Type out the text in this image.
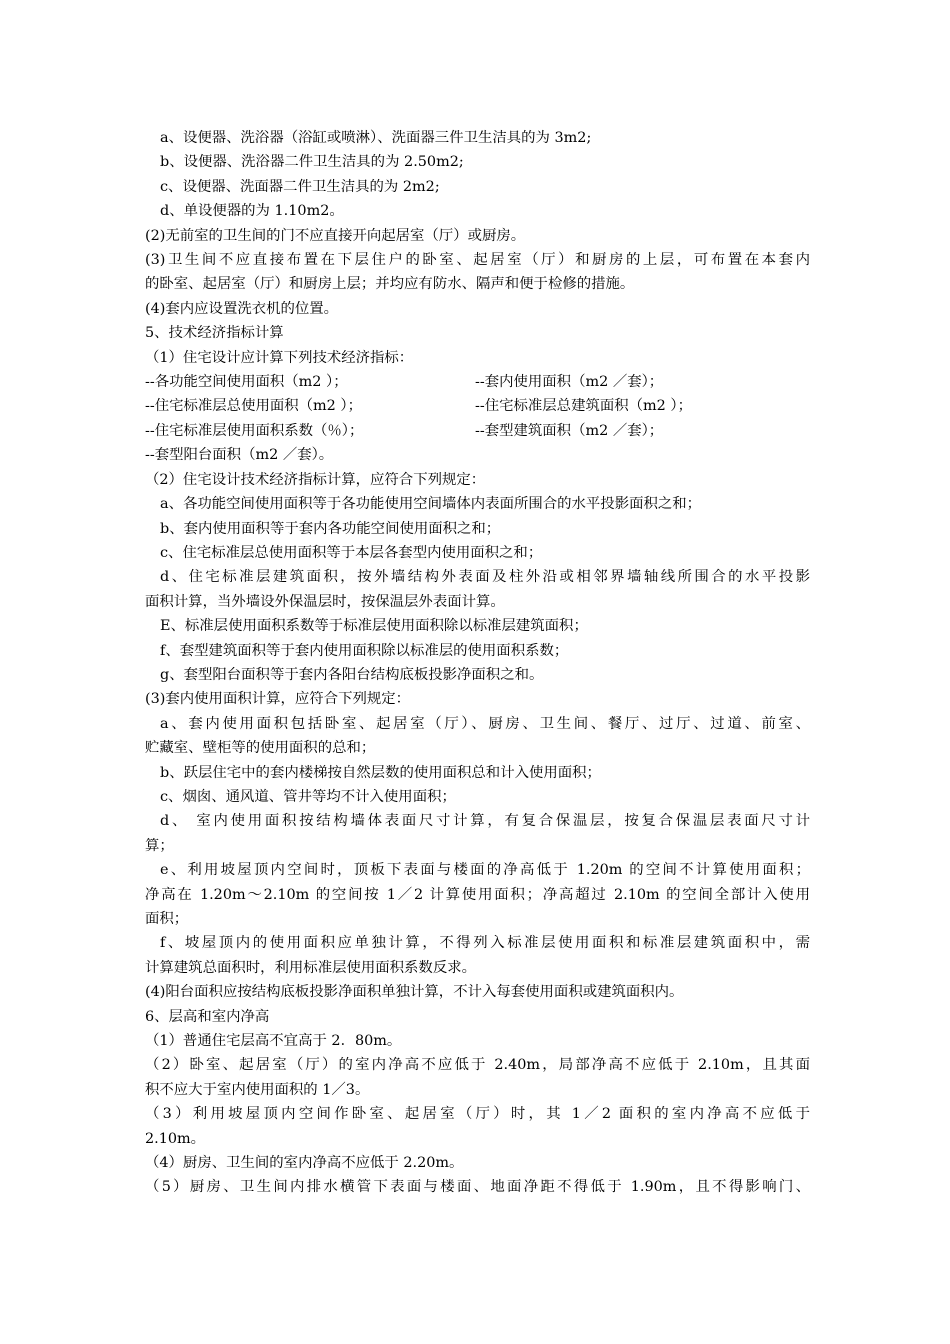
a、设便器、洗浴器（浴缸或喷淋）、洗面器三件卫生洁具的为 3m2;
b、设便器、洗浴器二件卫生洁具的为 2.50m2;
c、设便器、洗面器二件卫生洁具的为 2m2;
d、单设便器的为 1.10m2。
(2)无前室的卫生间的门不应直接开向起居室（厅）或厨房。
(3)卫生间不应直接布置在下层住户的卧室、起居室（厅）和厨房的上层，可布置在本套内
的卧室、起居室（厅）和厨房上层；并均应有防水、隔声和便于检修的措施。
(4)套内应设置洗衣机的位置。
5、技术经济指标计算
（1）住宅设计应计算下列技术经济指标：
--各功能空间使用面积（m2 ）；	--套内使用面积（m2 ／套）；
--住宅标准层总使用面积（m2 ）；	--住宅标准层总建筑面积（m2 ）；
--住宅标准层使用面积系数（％）；	--套型建筑面积（m2 ／套）；
--套型阳台面积（m2 ／套）。
（2）住宅设计技术经济指标计算，应符合下列规定：
a、各功能空间使用面积等于各功能使用空间墙体内表面所围合的水平投影面积之和；
b、套内使用面积等于套内各功能空间使用面积之和；
c、住宅标准层总使用面积等于本层各套型内使用面积之和；
d、住宅标准层建筑面积，按外墙结构外表面及柱外沿或相邻界墙轴线所围合的水平投影
面积计算，当外墙设外保温层时，按保温层外表面计算。
E、标准层使用面积系数等于标准层使用面积除以标准层建筑面积；
f、套型建筑面积等于套内使用面积除以标准层的使用面积系数；
g、套型阳台面积等于套内各阳台结构底板投影净面积之和。
(3)套内使用面积计算，应符合下列规定：
a、套内使用面积包括卧室、起居室（厅）、厨房、卫生间、餐厅、过厅、过道、前室、
贮藏室、壁柜等的使用面积的总和；
b、跃层住宅中的套内楼梯按自然层数的使用面积总和计入使用面积；
c、烟囱、通风道、管井等均不计入使用面积；
d、 室内使用面积按结构墙体表面尺寸计算，有复合保温层，按复合保温层表面尺寸计
算；
e、利用坡屋顶内空间时，顶板下表面与楼面的净高低于 1.20m 的空间不计算使用面积；
净高在 1.20m～2.10m 的空间按 1／2 计算使用面积；净高超过 2.10m 的空间全部计入使用
面积；
f、坡屋顶内的使用面积应单独计算，不得列入标准层使用面积和标准层建筑面积中，需
计算建筑总面积时，利用标准层使用面积系数反求。
(4)阳台面积应按结构底板投影净面积单独计算，不计入每套使用面积或建筑面积内。
6、层高和室内净高
（1）普通住宅层高不宜高于 2．80m。
（2）卧室、起居室（厅）的室内净高不应低于 2.40m，局部净高不应低于 2.10m，且其面
积不应大于室内使用面积的 1／3。
（3）利用坡屋顶内空间作卧室、起居室（厅）时，其 1／2 面积的室内净高不应低于
2.10m。
（4）厨房、卫生间的室内净高不应低于 2.20m。
（5）厨房、卫生间内排水横管下表面与楼面、地面净距不得低于 1.90m，且不得影响门、
